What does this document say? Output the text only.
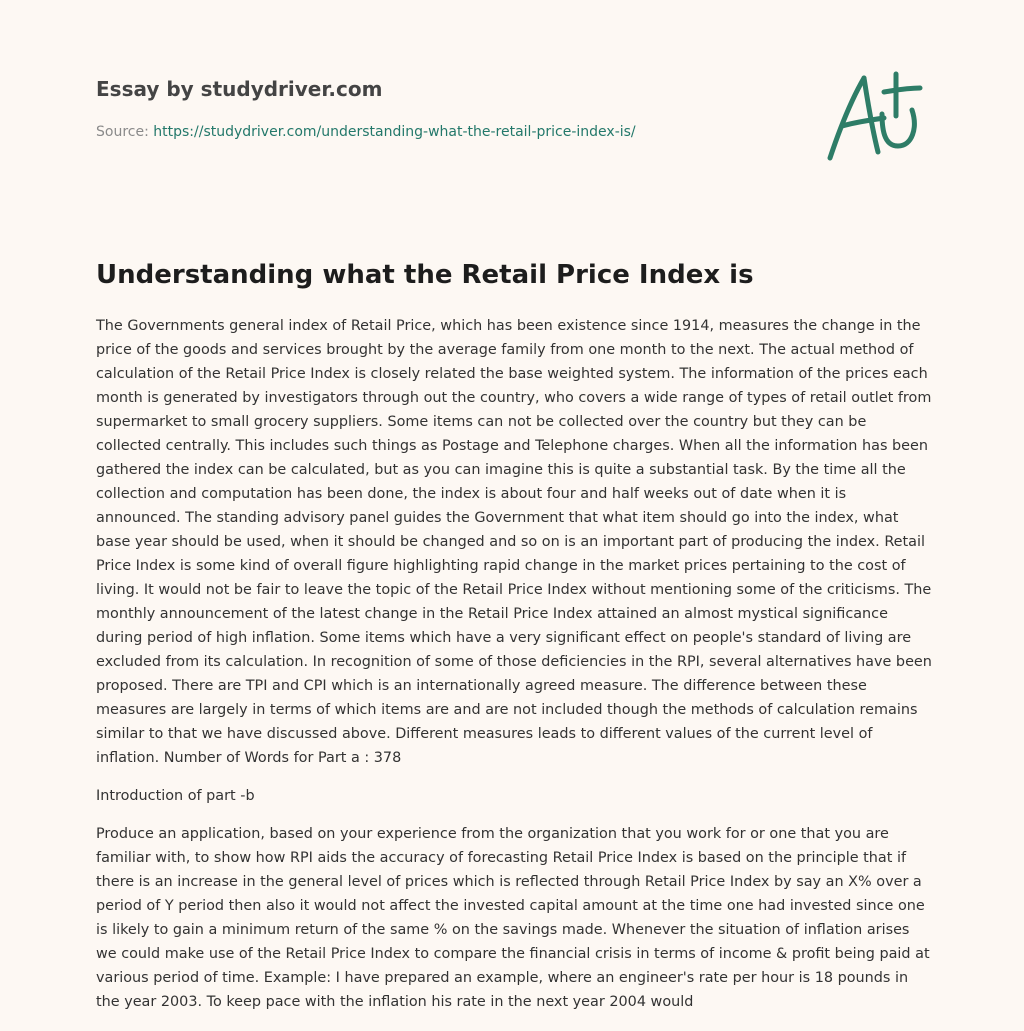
Essay by studydriver.com
Source: https://studydriver.com/understanding-what-the-retail-price-index-is/
Understanding what the Retail Price Index is

The Governments general index of Retail Price, which has been existence since 1914, measures the change in the price of the goods and services brought by the average family from one month to the next. The actual method of calculation of the Retail Price Index is closely related the base weighted system. The information of the prices each month is generated by investigators through out the country, who covers a wide range of types of retail outlet from supermarket to small grocery suppliers. Some items can not be collected over the country but they can be collected centrally. This includes such things as Postage and Telephone charges. When all the information has been gathered the index can be calculated, but as you can imagine this is quite a substantial task. By the time all the collection and computation has been done, the index is about four and half weeks out of date when it is announced. The standing advisory panel guides the Government that what item should go into the index, what base year should be used, when it should be changed and so on is an important part of producing the index. Retail Price Index is some kind of overall figure highlighting rapid change in the market prices pertaining to the cost of living. It would not be fair to leave the topic of the Retail Price Index without mentioning some of the criticisms. The monthly announcement of the latest change in the Retail Price Index attained an almost mystical significance during period of high inflation. Some items which have a very significant effect on people's standard of living are excluded from its calculation. In recognition of some of those deficiencies in the RPI, several alternatives have been proposed. There are TPI and CPI which is an internationally agreed measure. The difference between these measures are largely in terms of which items are and are not included though the methods of calculation remains similar to that we have discussed above. Different measures leads to different values of the current level of inflation. Number of Words for Part a : 378

Introduction of part -b

Produce an application, based on your experience from the organization that you work for or one that you are familiar with, to show how RPI aids the accuracy of forecasting Retail Price Index is based on the principle that if there is an increase in the general level of prices which is reflected through Retail Price Index by say an X% over a period of Y period then also it would not affect the invested capital amount at the time one had invested since one is likely to gain a minimum return of the same % on the savings made. Whenever the situation of inflation arises we could make use of the Retail Price Index to compare the financial crisis in terms of income & profit being paid at various period of time. Example: I have prepared an example, where an engineer's rate per hour is 18 pounds in the year 2003. To keep pace with the inflation his rate in the next year 2004 would
